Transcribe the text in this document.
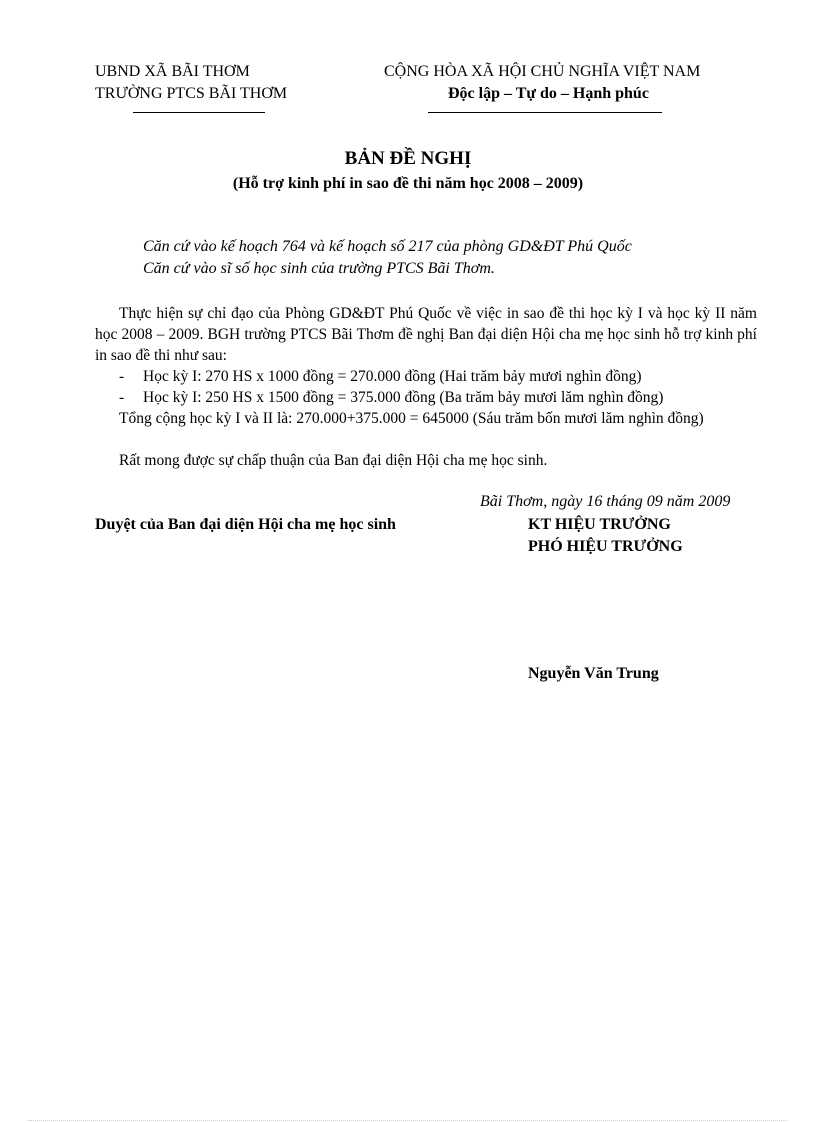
UBND XÃ BÃI THƠM
TRƯỜNG PTCS BÃI THƠM
CỘNG HÒA XÃ HỘI CHỦ NGHĨA VIỆT NAM
Độc lập – Tự do – Hạnh phúc
BẢN ĐỀ NGHỊ
(Hỗ trợ kinh phí in sao đề thi năm học 2008 – 2009)
Căn cứ vào kế hoạch 764 và kế hoạch số 217 của phòng GD&ĐT Phú Quốc
Căn cứ vào sĩ số học sinh của trường PTCS Bãi Thơm.
Thực hiện sự chỉ đạo của Phòng GD&ĐT Phú Quốc về việc in sao đề thi học kỳ I và học kỳ II năm học 2008 – 2009. BGH trường PTCS Bãi Thơm đề nghị Ban đại diện Hội cha mẹ học sinh hỗ trợ kinh phí in sao đề thi như sau:
- Học kỳ I: 270 HS x 1000 đồng = 270.000 đồng (Hai trăm bảy mươi nghìn đồng)
- Học kỳ I: 250 HS x 1500 đồng = 375.000 đồng (Ba trăm bảy mươi lăm nghìn đồng)
Tổng cộng học kỳ I và II là: 270.000+375.000 = 645000 (Sáu trăm bốn mươi lăm nghìn đồng)
Rất mong được sự chấp thuận của Ban đại diện Hội cha mẹ học sinh.
Bãi Thơm, ngày 16 tháng 09 năm 2009
Duyệt của Ban đại diện Hội cha mẹ học sinh	KT HIỆU TRƯỞNG
PHÓ HIỆU TRƯỞNG
Nguyễn Văn Trung
